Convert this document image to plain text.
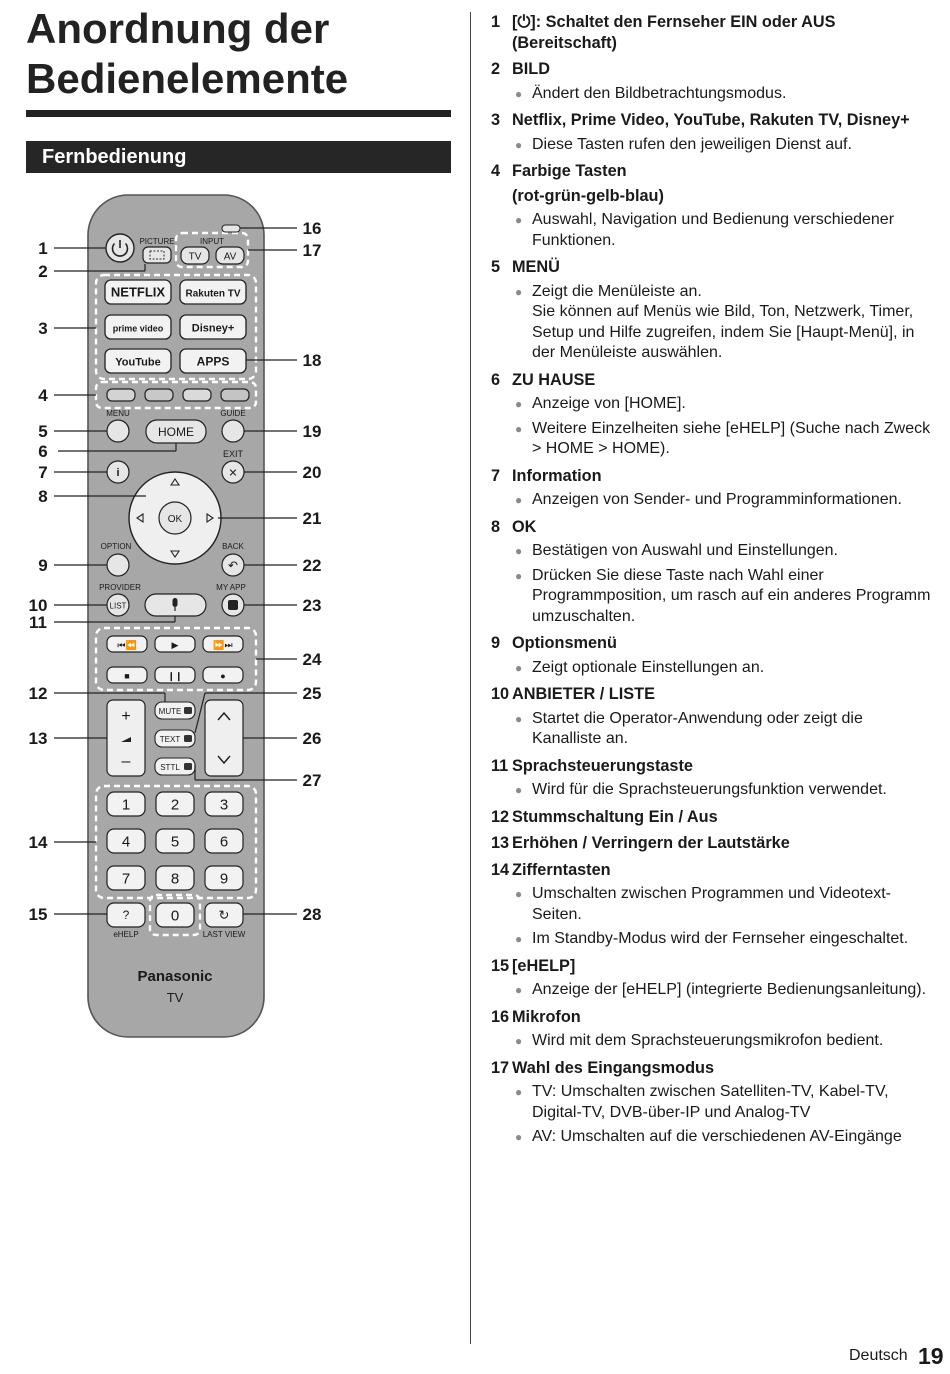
Anordnung der
Bedienelemente
Fernbedienung
PICTURE	INPUT
TV AV
NETFLIX Rakuten TV
prime video	Disney+
YouTube	APPS
MENU
HOME
GUIDE
i
EXIT
✕
OK
OPTION	BACK
↶
PROVIDER
LIST
MY APP
⏮⏪	▶	⏩⏭
■	❙❙	●
+
–
MUTE
TEXT
STTL
1	2	3
4	5	6
7	8	9
0
?
eHELP
↻
LAST VIEW
Panasonic
TV
1
2
3
4
5
6
7
8
9
10
11
12
13
14
15
16
17
18
19
20
21
22
23
24
25
26
27
28
1 [⏻]: Schaltet den Fernseher EIN oder AUS (Bereitschaft)
2 BILD
● Ändert den Bildbetrachtungsmodus.
3 Netflix, Prime Video, YouTube, Rakuten TV, Disney+
● Diese Tasten rufen den jeweiligen Dienst auf.
4 Farbige Tasten
(rot-grün-gelb-blau)
● Auswahl, Navigation und Bedienung verschiedener Funktionen.
5 MENÜ
● Zeigt die Menüleiste an.
Sie können auf Menüs wie Bild, Ton, Netzwerk, Timer, Setup und Hilfe zugreifen, indem Sie [Haupt-Menü], in der Menüleiste auswählen.
6 ZU HAUSE
● Anzeige von [HOME].
● Weitere Einzelheiten siehe [eHELP] (Suche nach Zweck > HOME > HOME).
7 Information
● Anzeigen von Sender- und Programminformationen.
8 OK
● Bestätigen von Auswahl und Einstellungen.
● Drücken Sie diese Taste nach Wahl einer Programmposition, um rasch auf ein anderes Programm umzuschalten.
9 Optionsmenü
● Zeigt optionale Einstellungen an.
10 ANBIETER / LISTE
● Startet die Operator-Anwendung oder zeigt die Kanalliste an.
11 Sprachsteuerungstaste
● Wird für die Sprachsteuerungsfunktion verwendet.
12 Stummschaltung Ein / Aus
13 Erhöhen / Verringern der Lautstärke
14 Zifferntasten
● Umschalten zwischen Programmen und Videotext-Seiten.
● Im Standby-Modus wird der Fernseher eingeschaltet.
15 [eHELP]
● Anzeige der [eHELP] (integrierte Bedienungsanleitung).
16 Mikrofon
● Wird mit dem Sprachsteuerungsmikrofon bedient.
17 Wahl des Eingangsmodus
● TV: Umschalten zwischen Satelliten-TV, Kabel-TV, Digital-TV, DVB-über-IP und Analog-TV
● AV: Umschalten auf die verschiedenen AV-Eingänge
Deutsch 19
